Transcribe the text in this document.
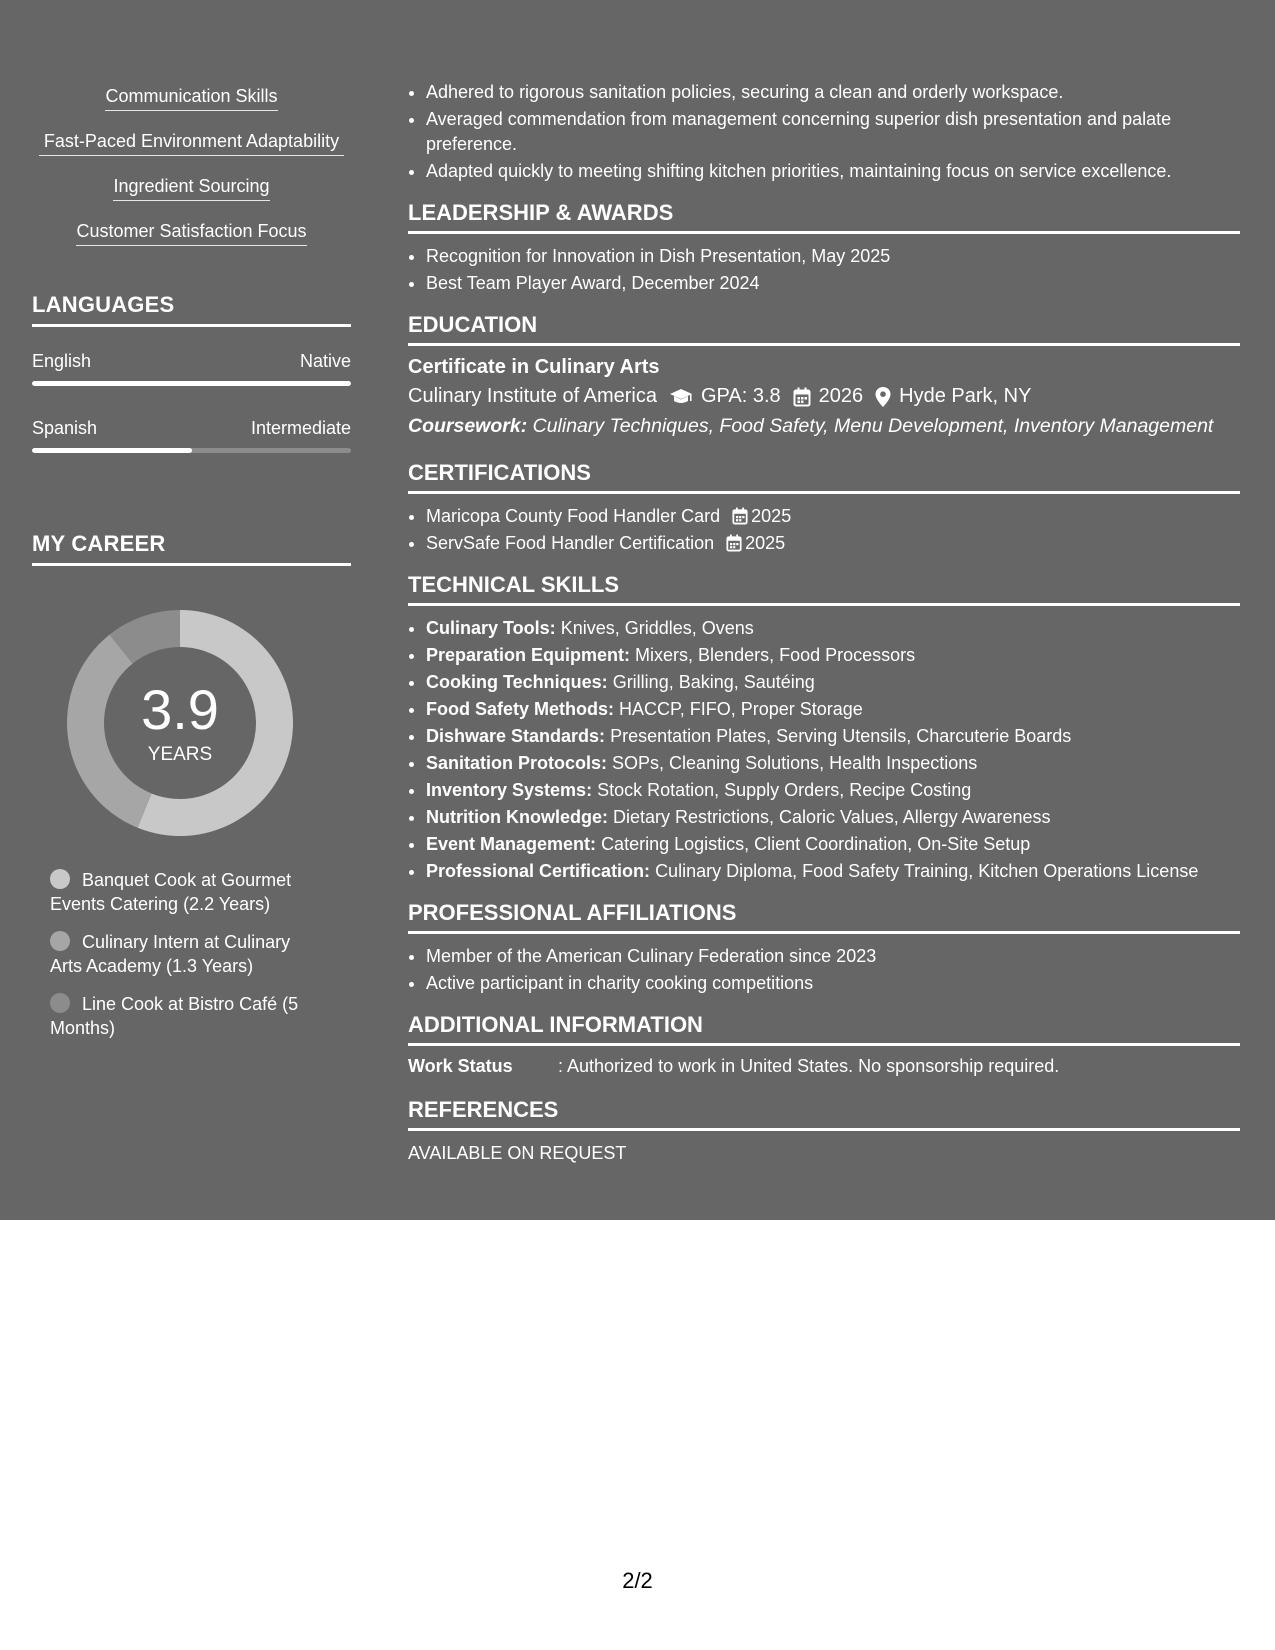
Communication Skills
Fast-Paced Environment Adaptability
Ingredient Sourcing
Customer Satisfaction Focus
LANGUAGES
English	Native
Spanish	Intermediate
MY CAREER
3.9
YEARS
Banquet Cook at Gourmet Events Catering (2.2 Years)
Culinary Intern at Culinary Arts Academy (1.3 Years)
Line Cook at Bistro Café (5 Months)
• Adhered to rigorous sanitation policies, securing a clean and orderly workspace.
• Averaged commendation from management concerning superior dish presentation and palate preference.
• Adapted quickly to meeting shifting kitchen priorities, maintaining focus on service excellence.
LEADERSHIP & AWARDS
• Recognition for Innovation in Dish Presentation, May 2025
• Best Team Player Award, December 2024
EDUCATION

Certificate in Culinary Arts

Culinary Institute of America GPA: 3.8 2026 Hyde Park, NY
Coursework: Culinary Techniques, Food Safety, Menu Development, Inventory Management
CERTIFICATIONS
• Maricopa County Food Handler Card 2025
• ServSafe Food Handler Certification 2025
TECHNICAL SKILLS
• Culinary Tools: Knives, Griddles, Ovens
• Preparation Equipment: Mixers, Blenders, Food Processors
• Cooking Techniques: Grilling, Baking, Sautéing
• Food Safety Methods: HACCP, FIFO, Proper Storage
• Dishware Standards: Presentation Plates, Serving Utensils, Charcuterie Boards
• Sanitation Protocols: SOPs, Cleaning Solutions, Health Inspections
• Inventory Systems: Stock Rotation, Supply Orders, Recipe Costing
• Nutrition Knowledge: Dietary Restrictions, Caloric Values, Allergy Awareness
• Event Management: Catering Logistics, Client Coordination, On-Site Setup
• Professional Certification: Culinary Diploma, Food Safety Training, Kitchen Operations License
PROFESSIONAL AFFILIATIONS
• Member of the American Culinary Federation since 2023
• Active participant in charity cooking competitions
ADDITIONAL INFORMATION
Work Status	: Authorized to work in United States. No sponsorship required.
REFERENCES
AVAILABLE ON REQUEST
2/2
